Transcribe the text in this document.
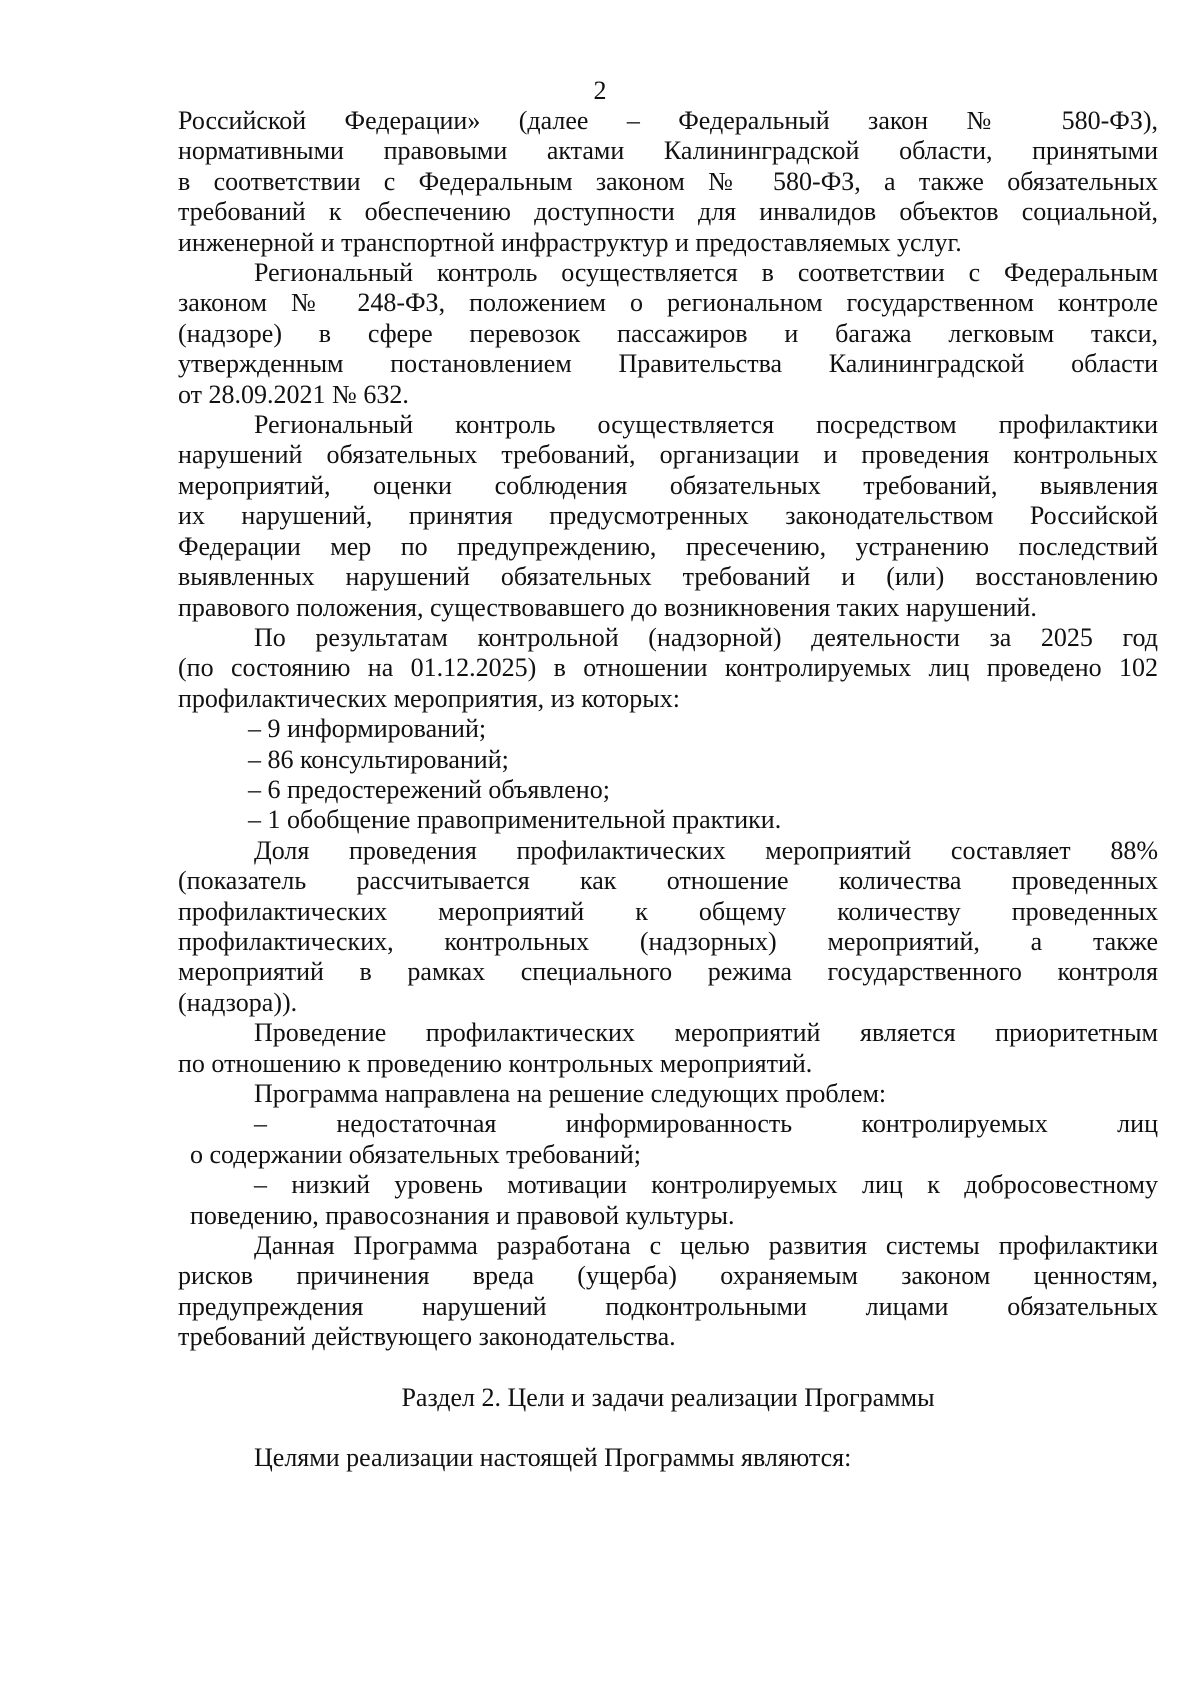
2
Российской Федерации» (далее – Федеральный закон № 580-ФЗ),
нормативными правовыми актами Калининградской области, принятыми
в соответствии с Федеральным законом № 580-ФЗ, а также обязательных
требований к обеспечению доступности для инвалидов объектов социальной,
инженерной и транспортной инфраструктур и предоставляемых услуг.
Региональный контроль осуществляется в соответствии с Федеральным
законом № 248-ФЗ, положением о региональном государственном контроле
(надзоре) в сфере перевозок пассажиров и багажа легковым такси,
утвержденным постановлением Правительства Калининградской области
от 28.09.2021 № 632.
Региональный контроль осуществляется посредством профилактики
нарушений обязательных требований, организации и проведения контрольных
мероприятий, оценки соблюдения обязательных требований, выявления
их нарушений, принятия предусмотренных законодательством Российской
Федерации мер по предупреждению, пресечению, устранению последствий
выявленных нарушений обязательных требований и (или) восстановлению
правового положения, существовавшего до возникновения таких нарушений.
По результатам контрольной (надзорной) деятельности за 2025 год
(по состоянию на 01.12.2025) в отношении контролируемых лиц проведено 102
профилактических мероприятия, из которых:
– 9 информирований;
– 86 консультирований;
– 6 предостережений объявлено;
– 1 обобщение правоприменительной практики.
Доля проведения профилактических мероприятий составляет 88%
(показатель рассчитывается как отношение количества проведенных
профилактических мероприятий к общему количеству проведенных
профилактических, контрольных (надзорных) мероприятий, а также
мероприятий в рамках специального режима государственного контроля
(надзора)).
Проведение профилактических мероприятий является приоритетным
по отношению к проведению контрольных мероприятий.
Программа направлена на решение следующих проблем:
– недостаточная информированность контролируемых лиц
о содержании обязательных требований;
– низкий уровень мотивации контролируемых лиц к добросовестному
поведению, правосознания и правовой культуры.
Данная Программа разработана с целью развития системы профилактики
рисков причинения вреда (ущерба) охраняемым законом ценностям,
предупреждения нарушений подконтрольными лицами обязательных
требований действующего законодательства.
Раздел 2. Цели и задачи реализации Программы
Целями реализации настоящей Программы являются:
